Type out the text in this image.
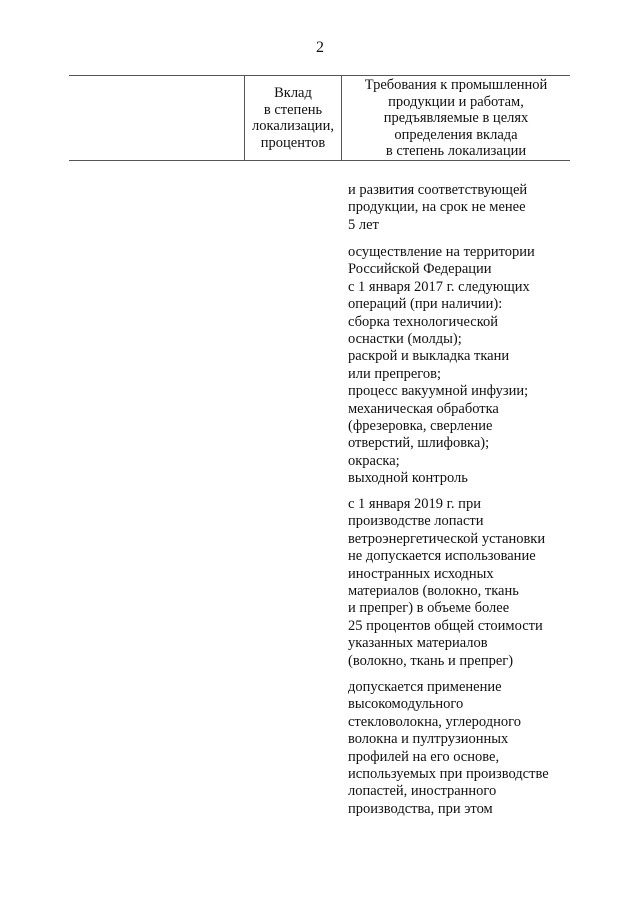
2
Вклад
в степень
локализации,
процентов
Требования к промышленной
продукции и работам,
предъявляемые в целях
определения вклада
в степень локализации
и развития соответствующей
продукции, на срок не менее
5 лет
осуществление на территории
Российской Федерации
с 1 января 2017 г. следующих
операций (при наличии):
сборка технологической
оснастки (молды);
раскрой и выкладка ткани
или препрегов;
процесс вакуумной инфузии;
механическая обработка
(фрезеровка, сверление
отверстий, шлифовка);
окраска;
выходной контроль
с 1 января 2019 г. при
производстве лопасти
ветроэнергетической установки
не допускается использование
иностранных исходных
материалов (волокно, ткань
и препрег) в объеме более
25 процентов общей стоимости
указанных материалов
(волокно, ткань и препрег)
допускается применение
высокомодульного
стекловолокна, углеродного
волокна и пултрузионных
профилей на его основе,
используемых при производстве
лопастей, иностранного
производства, при этом
